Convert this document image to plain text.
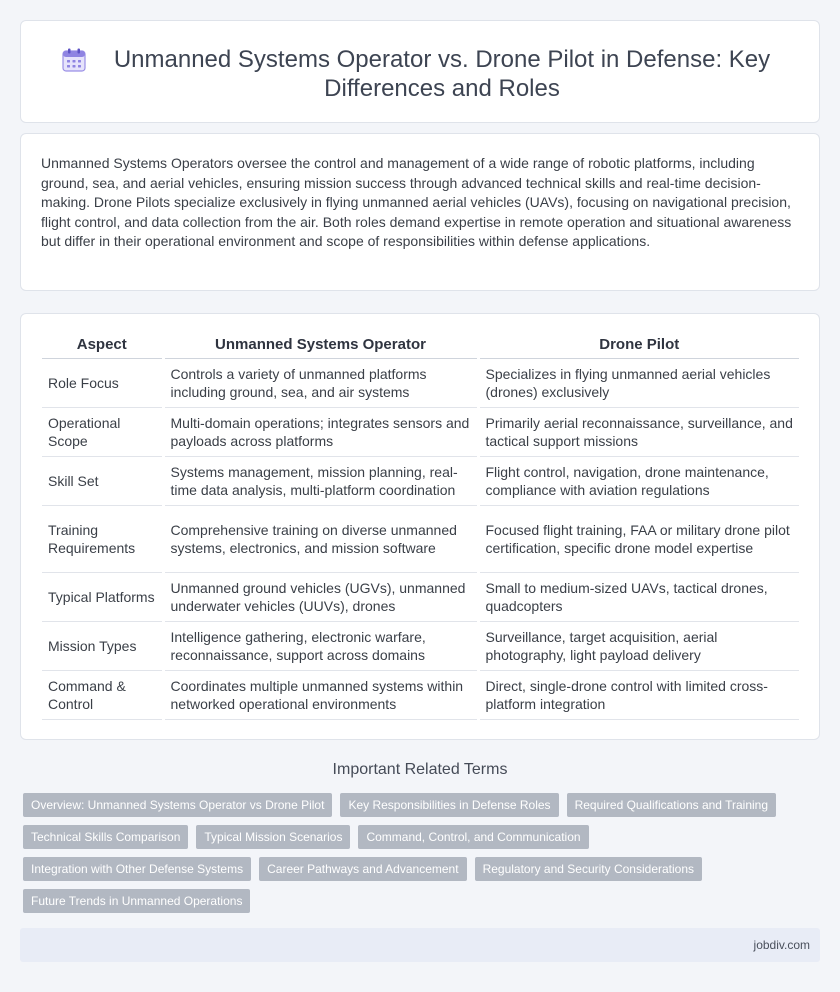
Unmanned Systems Operator vs. Drone Pilot in Defense: Key Differences and Roles

Unmanned Systems Operators oversee the control and management of a wide range of robotic platforms, including ground, sea, and aerial vehicles, ensuring mission success through advanced technical skills and real-time decision-making. Drone Pilots specialize exclusively in flying unmanned aerial vehicles (UAVs), focusing on navigational precision, flight control, and data collection from the air. Both roles demand expertise in remote operation and situational awareness but differ in their operational environment and scope of responsibilities within defense applications.

Aspect	Unmanned Systems Operator	Drone Pilot
Role Focus	Controls a variety of unmanned platforms including ground, sea, and air systems	Specializes in flying unmanned aerial vehicles (drones) exclusively
Operational Scope	Multi-domain operations; integrates sensors and payloads across platforms	Primarily aerial reconnaissance, surveillance, and tactical support missions
Skill Set	Systems management, mission planning, real-time data analysis, multi-platform coordination	Flight control, navigation, drone maintenance, compliance with aviation regulations
Training Requirements	Comprehensive training on diverse unmanned systems, electronics, and mission software	Focused flight training, FAA or military drone pilot certification, specific drone model expertise
Typical Platforms	Unmanned ground vehicles (UGVs), unmanned underwater vehicles (UUVs), drones	Small to medium-sized UAVs, tactical drones, quadcopters
Mission Types	Intelligence gathering, electronic warfare, reconnaissance, support across domains	Surveillance, target acquisition, aerial photography, light payload delivery
Command & Control	Coordinates multiple unmanned systems within networked operational environments	Direct, single-drone control with limited cross-platform integration
Important Related Terms
Overview: Unmanned Systems Operator vs Drone Pilot	Key Responsibilities in Defense Roles	Required Qualifications and Training
Technical Skills Comparison	Typical Mission Scenarios	Command, Control, and Communication
Integration with Other Defense Systems	Career Pathways and Advancement	Regulatory and Security Considerations
Future Trends in Unmanned Operations
jobdiv.com
